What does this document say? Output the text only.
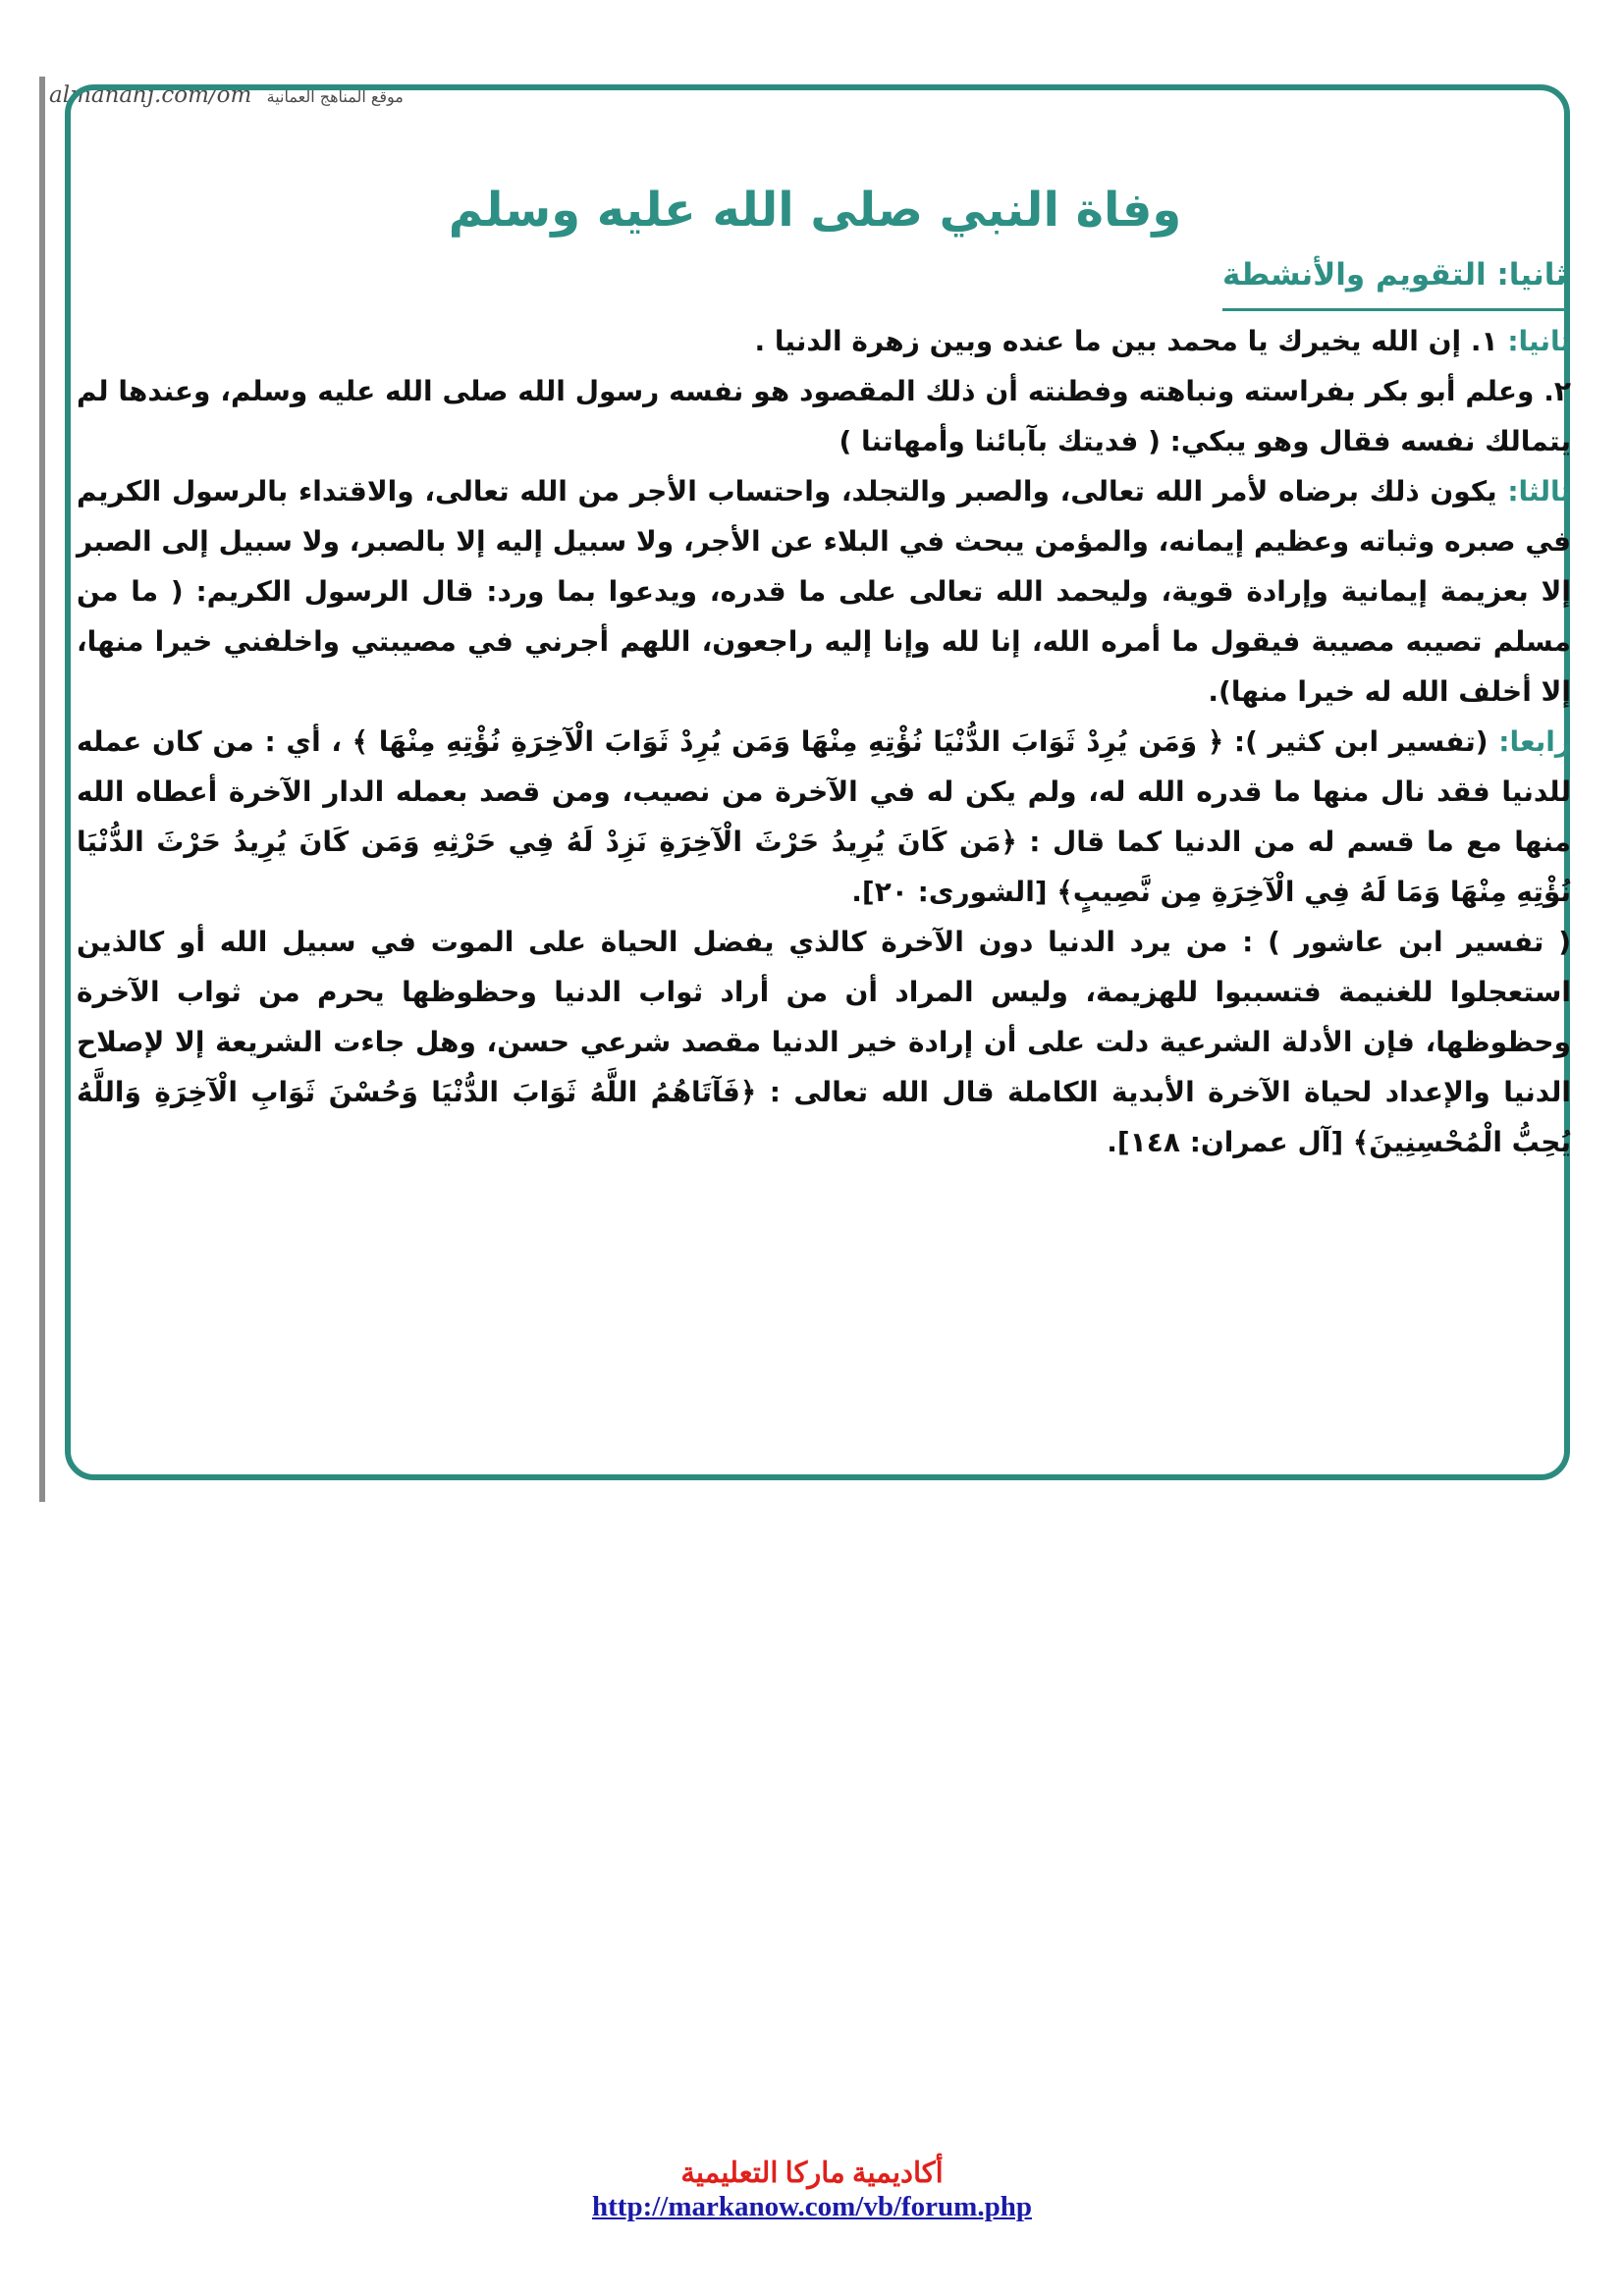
almanahj.com/om موقع المناهج العمانية
وفاة النبي صلى الله عليه وسلم
ثانيا: التقويم والأنشطة

ثانيا: ١. إن الله يخيرك يا محمد بين ما عنده وبين زهرة الدنيا .

٢. وعلم أبو بكر بفراسته ونباهته وفطنته أن ذلك المقصود هو نفسه رسول الله صلى الله عليه وسلم، وعندها لم يتمالك نفسه فقال وهو يبكي: ( فديتك بآبائنا وأمهاتنا )

ثالثا: يكون ذلك برضاه لأمر الله تعالى، والصبر والتجلد، واحتساب الأجر من الله تعالى، والاقتداء بالرسول الكريم في صبره وثباته وعظيم إيمانه، والمؤمن يبحث في البلاء عن الأجر، ولا سبيل إليه إلا بالصبر، ولا سبيل إلى الصبر إلا بعزيمة إيمانية وإرادة قوية، وليحمد الله تعالى على ما قدره، ويدعوا بما ورد: قال الرسول الكريم: ( ما من مسلم تصيبه مصيبة فيقول ما أمره الله، إنا لله وإنا إليه راجعون، اللهم أجرني في مصيبتي واخلفني خيرا منها، إلا أخلف الله له خيرا منها).

رابعا: (تفسير ابن كثير ): ﴿ وَمَن يُرِدْ ثَوَابَ الدُّنْيَا نُؤْتِهِ مِنْهَا وَمَن يُرِدْ ثَوَابَ الْآخِرَةِ نُؤْتِهِ مِنْهَا ﴾ ، أي : من كان عمله للدنيا فقد نال منها ما قدره الله له، ولم يكن له في الآخرة من نصيب، ومن قصد بعمله الدار الآخرة أعطاه الله منها مع ما قسم له من الدنيا كما قال : ﴿مَن كَانَ يُرِيدُ حَرْثَ الْآخِرَةِ نَزِدْ لَهُ فِي حَرْثِهِ وَمَن كَانَ يُرِيدُ حَرْثَ الدُّنْيَا نُؤْتِهِ مِنْهَا وَمَا لَهُ فِي الْآخِرَةِ مِن نَّصِيبٍ﴾ [الشورى: ٢٠].

( تفسير ابن عاشور ) : من يرد الدنيا دون الآخرة كالذي يفضل الحياة على الموت في سبيل الله أو كالذين استعجلوا للغنيمة فتسببوا للهزيمة، وليس المراد أن من أراد ثواب الدنيا وحظوظها يحرم من ثواب الآخرة وحظوظها، فإن الأدلة الشرعية دلت على أن إرادة خير الدنيا مقصد شرعي حسن، وهل جاءت الشريعة إلا لإصلاح الدنيا والإعداد لحياة الآخرة الأبدية الكاملة قال الله تعالى : ﴿فَآتَاهُمُ اللَّهُ ثَوَابَ الدُّنْيَا وَحُسْنَ ثَوَابِ الْآخِرَةِ وَاللَّهُ يُحِبُّ الْمُحْسِنِينَ﴾ [آل عمران: ١٤٨].

أكاديمية ماركا التعليمية
http://markanow.com/vb/forum.php
